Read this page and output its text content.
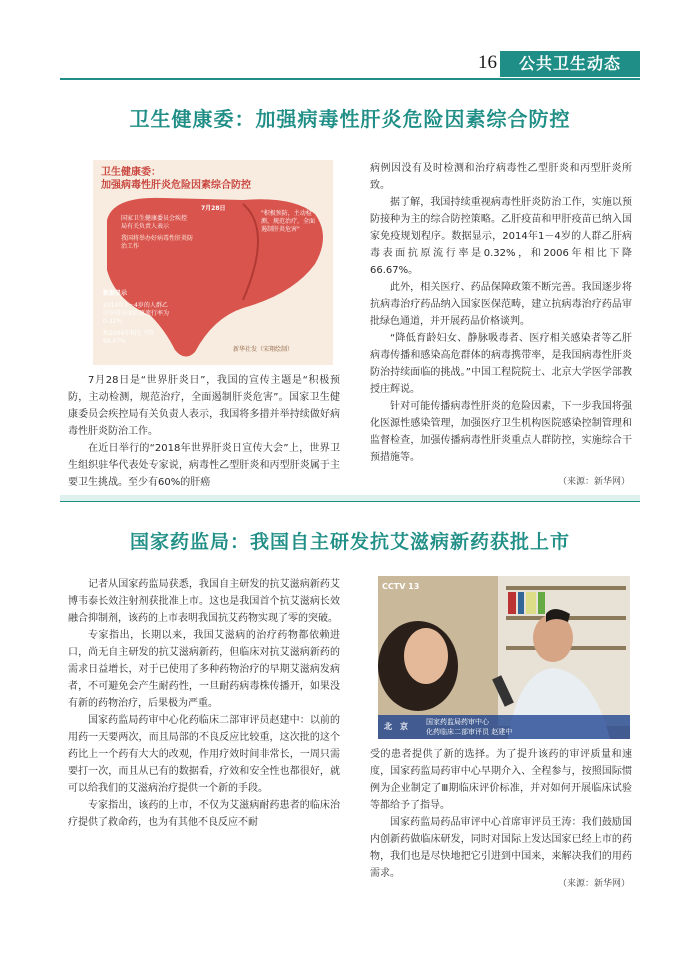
16	公共卫生动态
卫生健康委：加强病毒性肝炎危险因素综合防控
卫生健康委：
加强病毒性肝炎危险因素综合防控
国家卫生健康委员会疾控局有关负责人表示
我国将举办好病毒性肝炎防治工作
7月28日
"积极预防，主动检测，规范治疗，全面遏制肝炎危害"
数据显示
2014年1～4岁的人群乙肝病毒表面抗原流行率为0.32%
和2006年相比下降66.67%
新华社发（宋翔绘制）

7月28日是“世界肝炎日”，我国的宣传主题是“积极预防，主动检测，规范治疗，全面遏制肝炎危害”。国家卫生健康委员会疾控局有关负责人表示，我国将多措并举持续做好病毒性肝炎防治工作。

在近日举行的“2018年世界肝炎日宣传大会”上，世界卫生组织驻华代表处专家说，病毒性乙型肝炎和丙型肝炎属于主要卫生挑战。至少有60%的肝癌

病例因没有及时检测和治疗病毒性乙型肝炎和丙型肝炎所致。

据了解，我国持续重视病毒性肝炎防治工作，实施以预防接种为主的综合防控策略。乙肝疫苗和甲肝疫苗已纳入国家免疫规划程序。数据显示，2014年1－4岁的人群乙肝病毒表面抗原流行率是0.32%，和2006年相比下降66.67%。

此外，相关医疗、药品保障政策不断完善。我国逐步将抗病毒治疗药品纳入国家医保范畴，建立抗病毒治疗药品审批绿色通道，并开展药品价格谈判。

“降低育龄妇女、静脉吸毒者、医疗相关感染者等乙肝病毒传播和感染高危群体的病毒携带率，是我国病毒性肝炎防治持续面临的挑战。”中国工程院院士、北京大学医学部教授庄辉说。

针对可能传播病毒性肝炎的危险因素，下一步我国将强化医源性感染管理，加强医疗卫生机构医院感染控制管理和监督检查，加强传播病毒性肝炎重点人群防控，实施综合干预措施等。

（来源：新华网）
国家药监局：我国自主研发抗艾滋病新药获批上市

记者从国家药监局获悉，我国自主研发的抗艾滋病新药艾博韦泰长效注射剂获批准上市。这也是我国首个抗艾滋病长效融合抑制剂，该药的上市表明我国抗艾药物实现了零的突破。

专家指出，长期以来，我国艾滋病的治疗药物都依赖进口，尚无自主研发的抗艾滋病新药，但临床对抗艾滋病新药的需求日益增长，对于已使用了多种药物治疗的早期艾滋病发病者，不可避免会产生耐药性，一旦耐药病毒株传播开，如果没有新的药物治疗，后果极为严重。

国家药监局药审中心化药临床二部审评员赵建中：以前的用药一天要两次，而且局部的不良反应比较重，这次批的这个药比上一个药有大大的改观，作用疗效时间非常长，一周只需要打一次，而且从已有的数据看，疗效和安全性也都很好，就可以给我们的艾滋病治疗提供一个新的手段。

专家指出，该药的上市，不仅为艾滋病耐药患者的临床治疗提供了救命药，也为有其他不良反应不耐

CCTV 13
北　京	国家药监局药审中心
化药临床二部审评员 赵建中

受的患者提供了新的选择。为了提升该药的审评质量和速度，国家药监局药审中心早期介入、全程参与，按照国际惯例为企业制定了Ⅲ期临床评价标准，并对如何开展临床试验等都给予了指导。

国家药监局药品审评中心首席审评员王涛：我们鼓励国内创新药做临床研发，同时对国际上发达国家已经上市的药物，我们也是尽快地把它引进到中国来，来解决我们的用药需求。

（来源：新华网）
